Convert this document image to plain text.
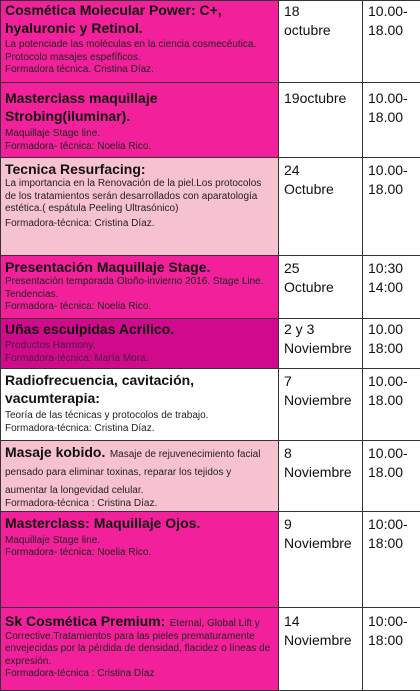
Cosmética Molecular Power: C+, hyaluronic y Retinol.
La potenciade las moléculas en la ciencia cosmecéutica. Protocolo masajes espefíficos.
Formadora técnica. Cristina Díaz.	18
octubre	10.00-
18.00

Masterclass maquillaje Strobing(iluminar).
Maquillaje Stage line.
Formadora- técnica: Noelia Rico.	19octubre	10.00-
18.00

Tecnica Resurfacing:
La importancia en la Renovación de la piel.Los protocolos de los tratamientos serán desarrollados con aparatología estética.( espátula Peeling Ultrasónico)
Formadora-técnica: Cristina Díaz.	24
Octubre	10.00-
18.00

Presentación Maquillaje Stage.
Presentación temporada Otoño-invierno 2016. Stage Line. Tendencias.
Formadora- técnica: Noelia Rico.	25
Octubre	10:30
14:00

Uñas esculpidas Acrilico.
Productos Harmony.
Formadora-técnica: María Mora.	2 y 3
Noviembre	10.00
18:00

Radiofrecuencia, cavitación, vacumterapia:
Teoría de las técnicas y protocolos de trabajo.
Formadora-técnica: Cristina Díaz.	7
Noviembre	10.00-
18.00

Masaje kobido. Masaje de rejuvenecimiento facial pensado para eliminar toxinas, reparar los tejidos y aumentar la longevidad celular.
Formadora-técnica : Cristina Díaz.	8
Noviembre	10.00-
18.00

Masterclass: Maquillaje Ojos.
Maquillaje Stage line.
Formadora- técnica: Noelia Rico.	9
Noviembre	10:00-
18:00

Sk Cosmética Premium: Eternal, Global Lift y
Corrective.Tratamientos para las pieles prematuramente envejecidas por la pérdida de densidad, flacidez o líneas de expresión.
Formadora-técnica : Cristina Díaz	14
Noviembre	10:00-
18:00
